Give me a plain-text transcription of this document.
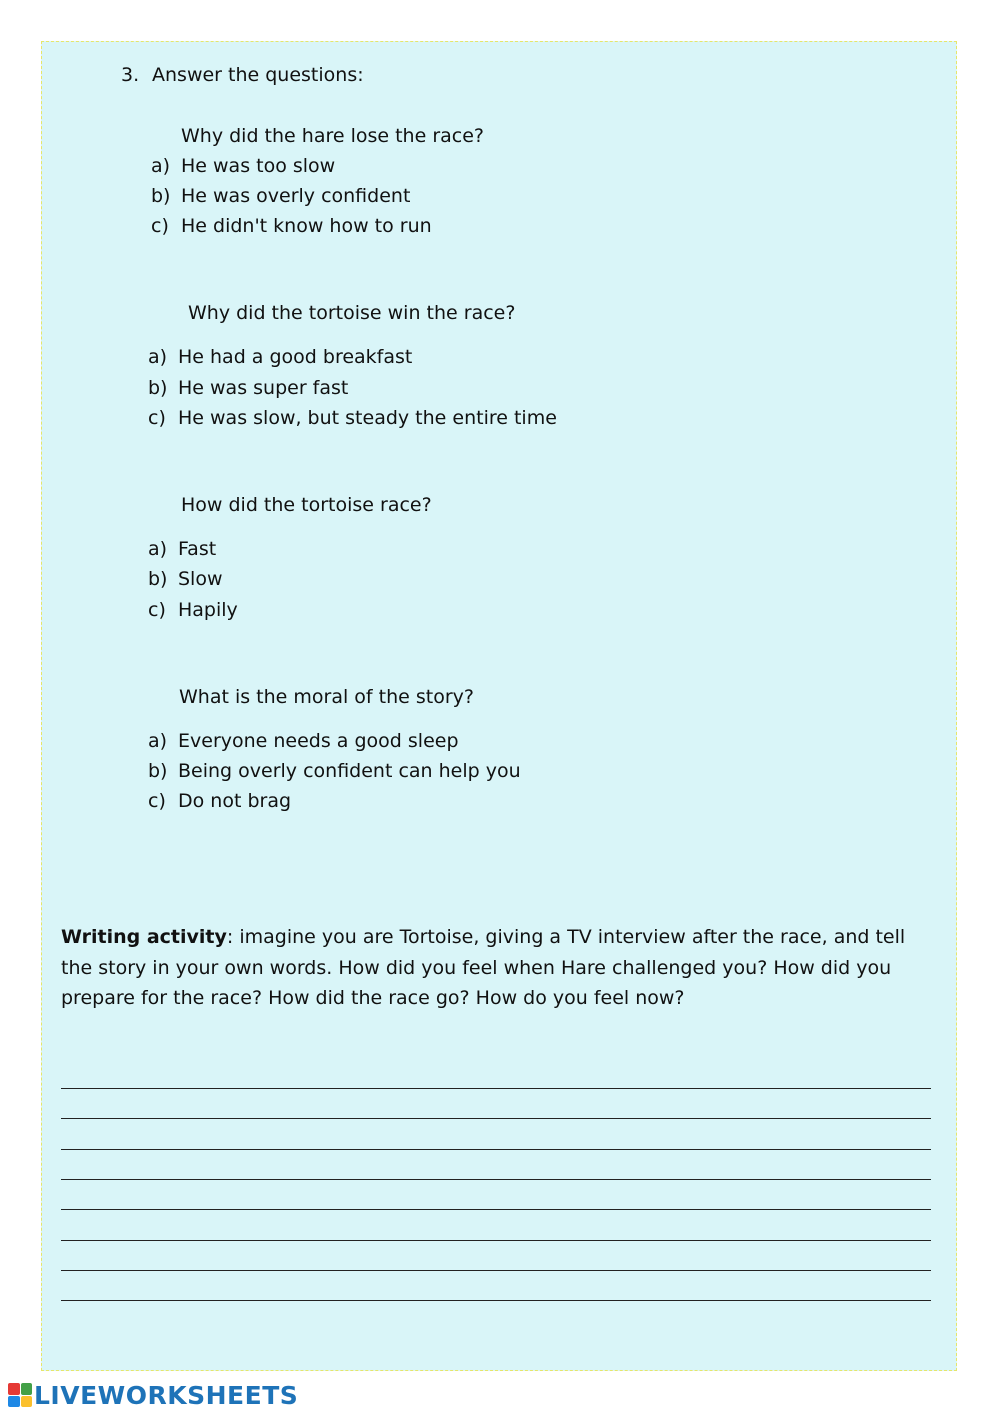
3. Answer the questions:
Why did the hare lose the race?
a) He was too slow
b) He was overly confident
c) He didn't know how to run
Why did the tortoise win the race?
a) He had a good breakfast
b) He was super fast
c) He was slow, but steady the entire time
How did the tortoise race?
a) Fast
b) Slow
c) Hapily
What is the moral of the story?
a) Everyone needs a good sleep
b) Being overly confident can help you
c) Do not brag
Writing activity: imagine you are Tortoise, giving a TV interview after the race, and tell the story in your own words. How did you feel when Hare challenged you? How did you prepare for the race? How did the race go? How do you feel now?
LIVEWORKSHEETS
